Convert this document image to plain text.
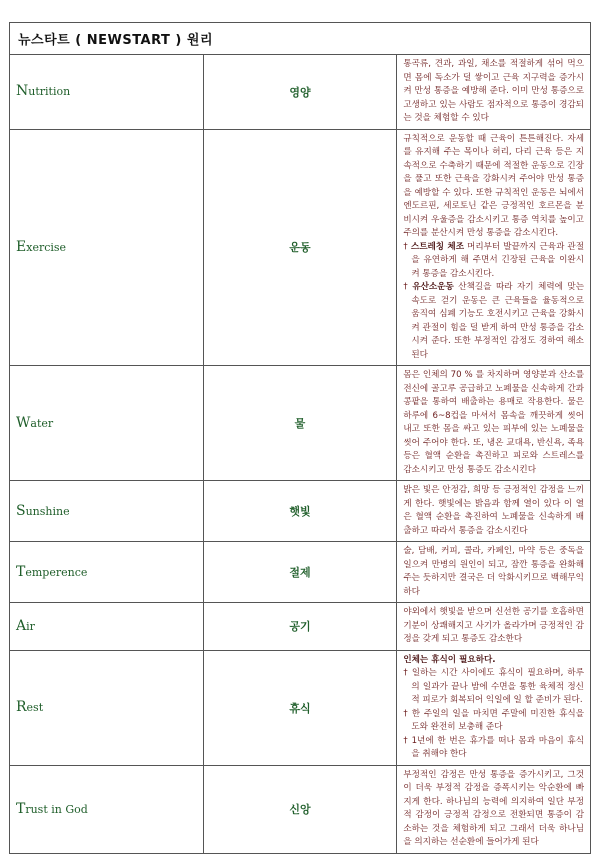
뉴스타트 ( NEWSTART ) 원리		
Nutrition	영양	통곡류, 견과, 과일, 채소를 적절하게 섞어 먹으면 몸에 독소가 덜 쌓이고 근육 지구력을 증가시켜 만성 통증을 예방해 준다. 이미 만성 통증으로 고생하고 있는 사람도 점자적으로 통증이 경감되는 것을 체험할 수 있다
Exercise	운동	규칙적으로 운동할 때 근육이 튼튼해진다. 자세를 유지해 주는 목이나 허리, 다리 근육 등은 지속적으로 수축하기 때문에 적절한 운동으로 긴장을 풀고 또한 근육을 강화시켜 주어야 만성 통증을 예방할 수 있다. 또한 규칙적인 운동은 뇌에서 엔도르핀, 세로토닌 같은 긍정적인 호르몬을 분비시켜 우울증을 감소시키고 통증 역치를 높이고 주의를 분산시켜 만성 통증을 감소시킨다.
† 스트레칭 체조 머리부터 발끝까지 근육과 관절을 유연하게 해 주면서 긴장된 근육을 이완시켜 통증을 감소시킨다.
† 유산소운동 산책길을 따라 자기 체력에 맞는 속도로 걷기 운동은 큰 근육들을 율동적으로 움직여 심폐 기능도 호전시키고 근육을 강화시켜 관절이 힘을 덜 받게 하여 만성 통증을 감소시켜 준다. 또한 부정적인 감정도 경하여 해소된다

Water	물	몸은 인체의 70 % 를 차지하며 영양분과 산소를 전신에 골고루 공급하고 노폐물을 신속하게 간과 콩팥을 통하여 배출하는 용매로 작용한다. 물은 하루에 6~8컵을 마셔서 몸속을 깨끗하게 씻어 내고 또한 몸을 싸고 있는 피부에 있는 노폐물을 씻어 주어야 한다. 또, 냉온 교대욕, 반신욕, 족욕 등은 혈액 순환을 촉진하고 피로와 스트레스를 감소시키고 만성 통증도 감소시킨다
Sunshine	햇빛	밝은 빛은 안정감, 희망 등 긍정적인 감정을 느끼게 한다. 햇빛에는 밝음과 함께 열이 있다 이 열은 혈액 순환을 촉진하여 노폐물을 신속하게 배출하고 따라서 통증을 감소시킨다
Temperence	절제	술, 담배, 커피, 콜라, 카페인, 마약 등은 중독을 일으켜 만병의 원인이 되고, 잠깐 통증을 완화해 주는 듯하지만 결국은 더 악화시키므로 백해무익하다
Air	공기	야외에서 햇빛을 받으며 신선한 공기를 호흡하면 기분이 상쾌해지고 사기가 올라가며 긍정적인 감정을 갖게 되고 통증도 감소한다
Rest	휴식	인체는 휴식이 필요하다.
† 일하는 시간 사이에도 휴식이 필요하며, 하루의 일과가 끝나 밤에 수면을 통한 육체적 정신적 피로가 회복되어 익일에 일 할 준비가 된다.
† 한 주일의 일을 마치면 주말에 미진한 휴식을 도와 완전히 보충해 준다
† 1년에 한 번은 휴가를 떠나 몸과 마음이 휴식을 취해야 한다

Trust in God	신앙	부정적인 감정은 만성 통증을 증가시키고, 그것이 더욱 부정적 감정을 증폭시키는 악순환에 빠지게 한다. 하나님의 능력에 의지하여 일단 부정적 감정이 긍정적 감정으로 전환되면 통증이 감소하는 것을 체험하게 되고 그래서 더욱 하나님을 의지하는 선순환에 들어가게 된다
